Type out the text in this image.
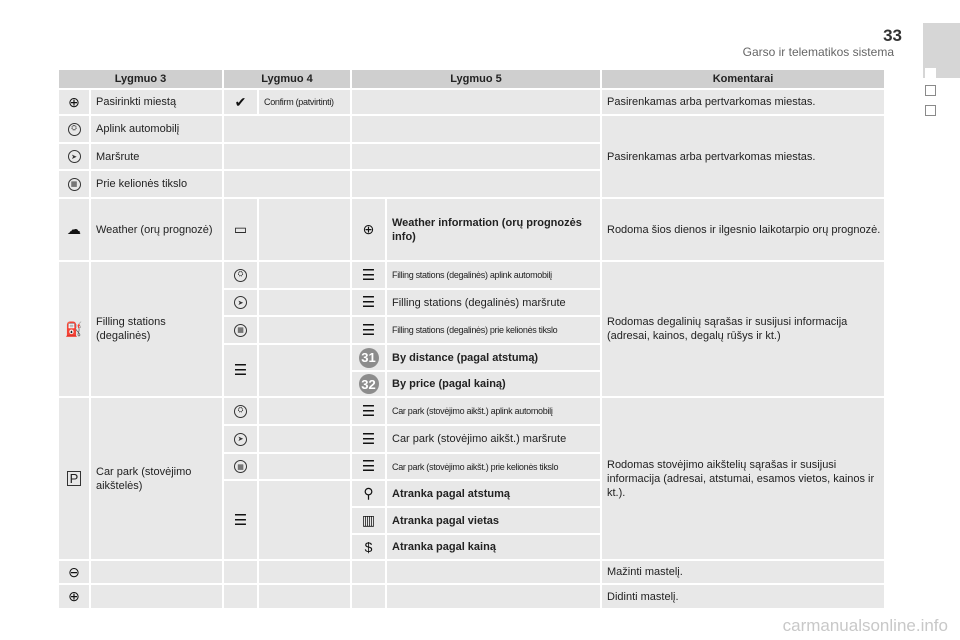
33
Garso ir telematikos sistema
Lygmuo 3	Lygmuo 4	Lygmuo 5	Komentarai
⊕	Pasirinkti miestą	✔	Confirm (patvirtinti)	Pasirenkamas arba pertvarkomas miestas.
⛭	Aplink automobilį
➤	Maršrute
▦	Prie kelionės tikslo
Pasirenkamas arba pertvarkomas miestas.
☁	Weather (orų prognozė)	▭	⊕	Weather information (orų prognozės info)
Rodoma šios dienos ir ilgesnio laikotarpio orų prognozė.
⛽	Filling stations (degalinės)
⛭	☰	Filling stations (degalinės) aplink automobilį
➤	☰	Filling stations (degalinės) maršrute
▦	☰	Filling stations (degalinės) prie kelionės tikslo
☰
31	By distance (pagal atstumą)
32	By price (pagal kainą)
Rodomas degalinių sąrašas ir susijusi informacija (adresai, kainos, degalų rūšys ir kt.)
P	Car park (stovėjimo aikštelės)
⛭	☰	Car park (stovėjimo aikšt.) aplink automobilį
➤	☰	Car park (stovėjimo aikšt.) maršrute
▦	☰	Car park (stovėjimo aikšt.) prie kelionės tikslo
☰
⚲	Atranka pagal atstumą
▥	Atranka pagal vietas
$	Atranka pagal kainą
Rodomas stovėjimo aikštelių sąrašas ir susijusi informacija (adresai, atstumai, esamos vietos, kainos ir kt.).
⊖	Mažinti mastelį.
⊕	Didinti mastelį.
carmanualsonline.info
